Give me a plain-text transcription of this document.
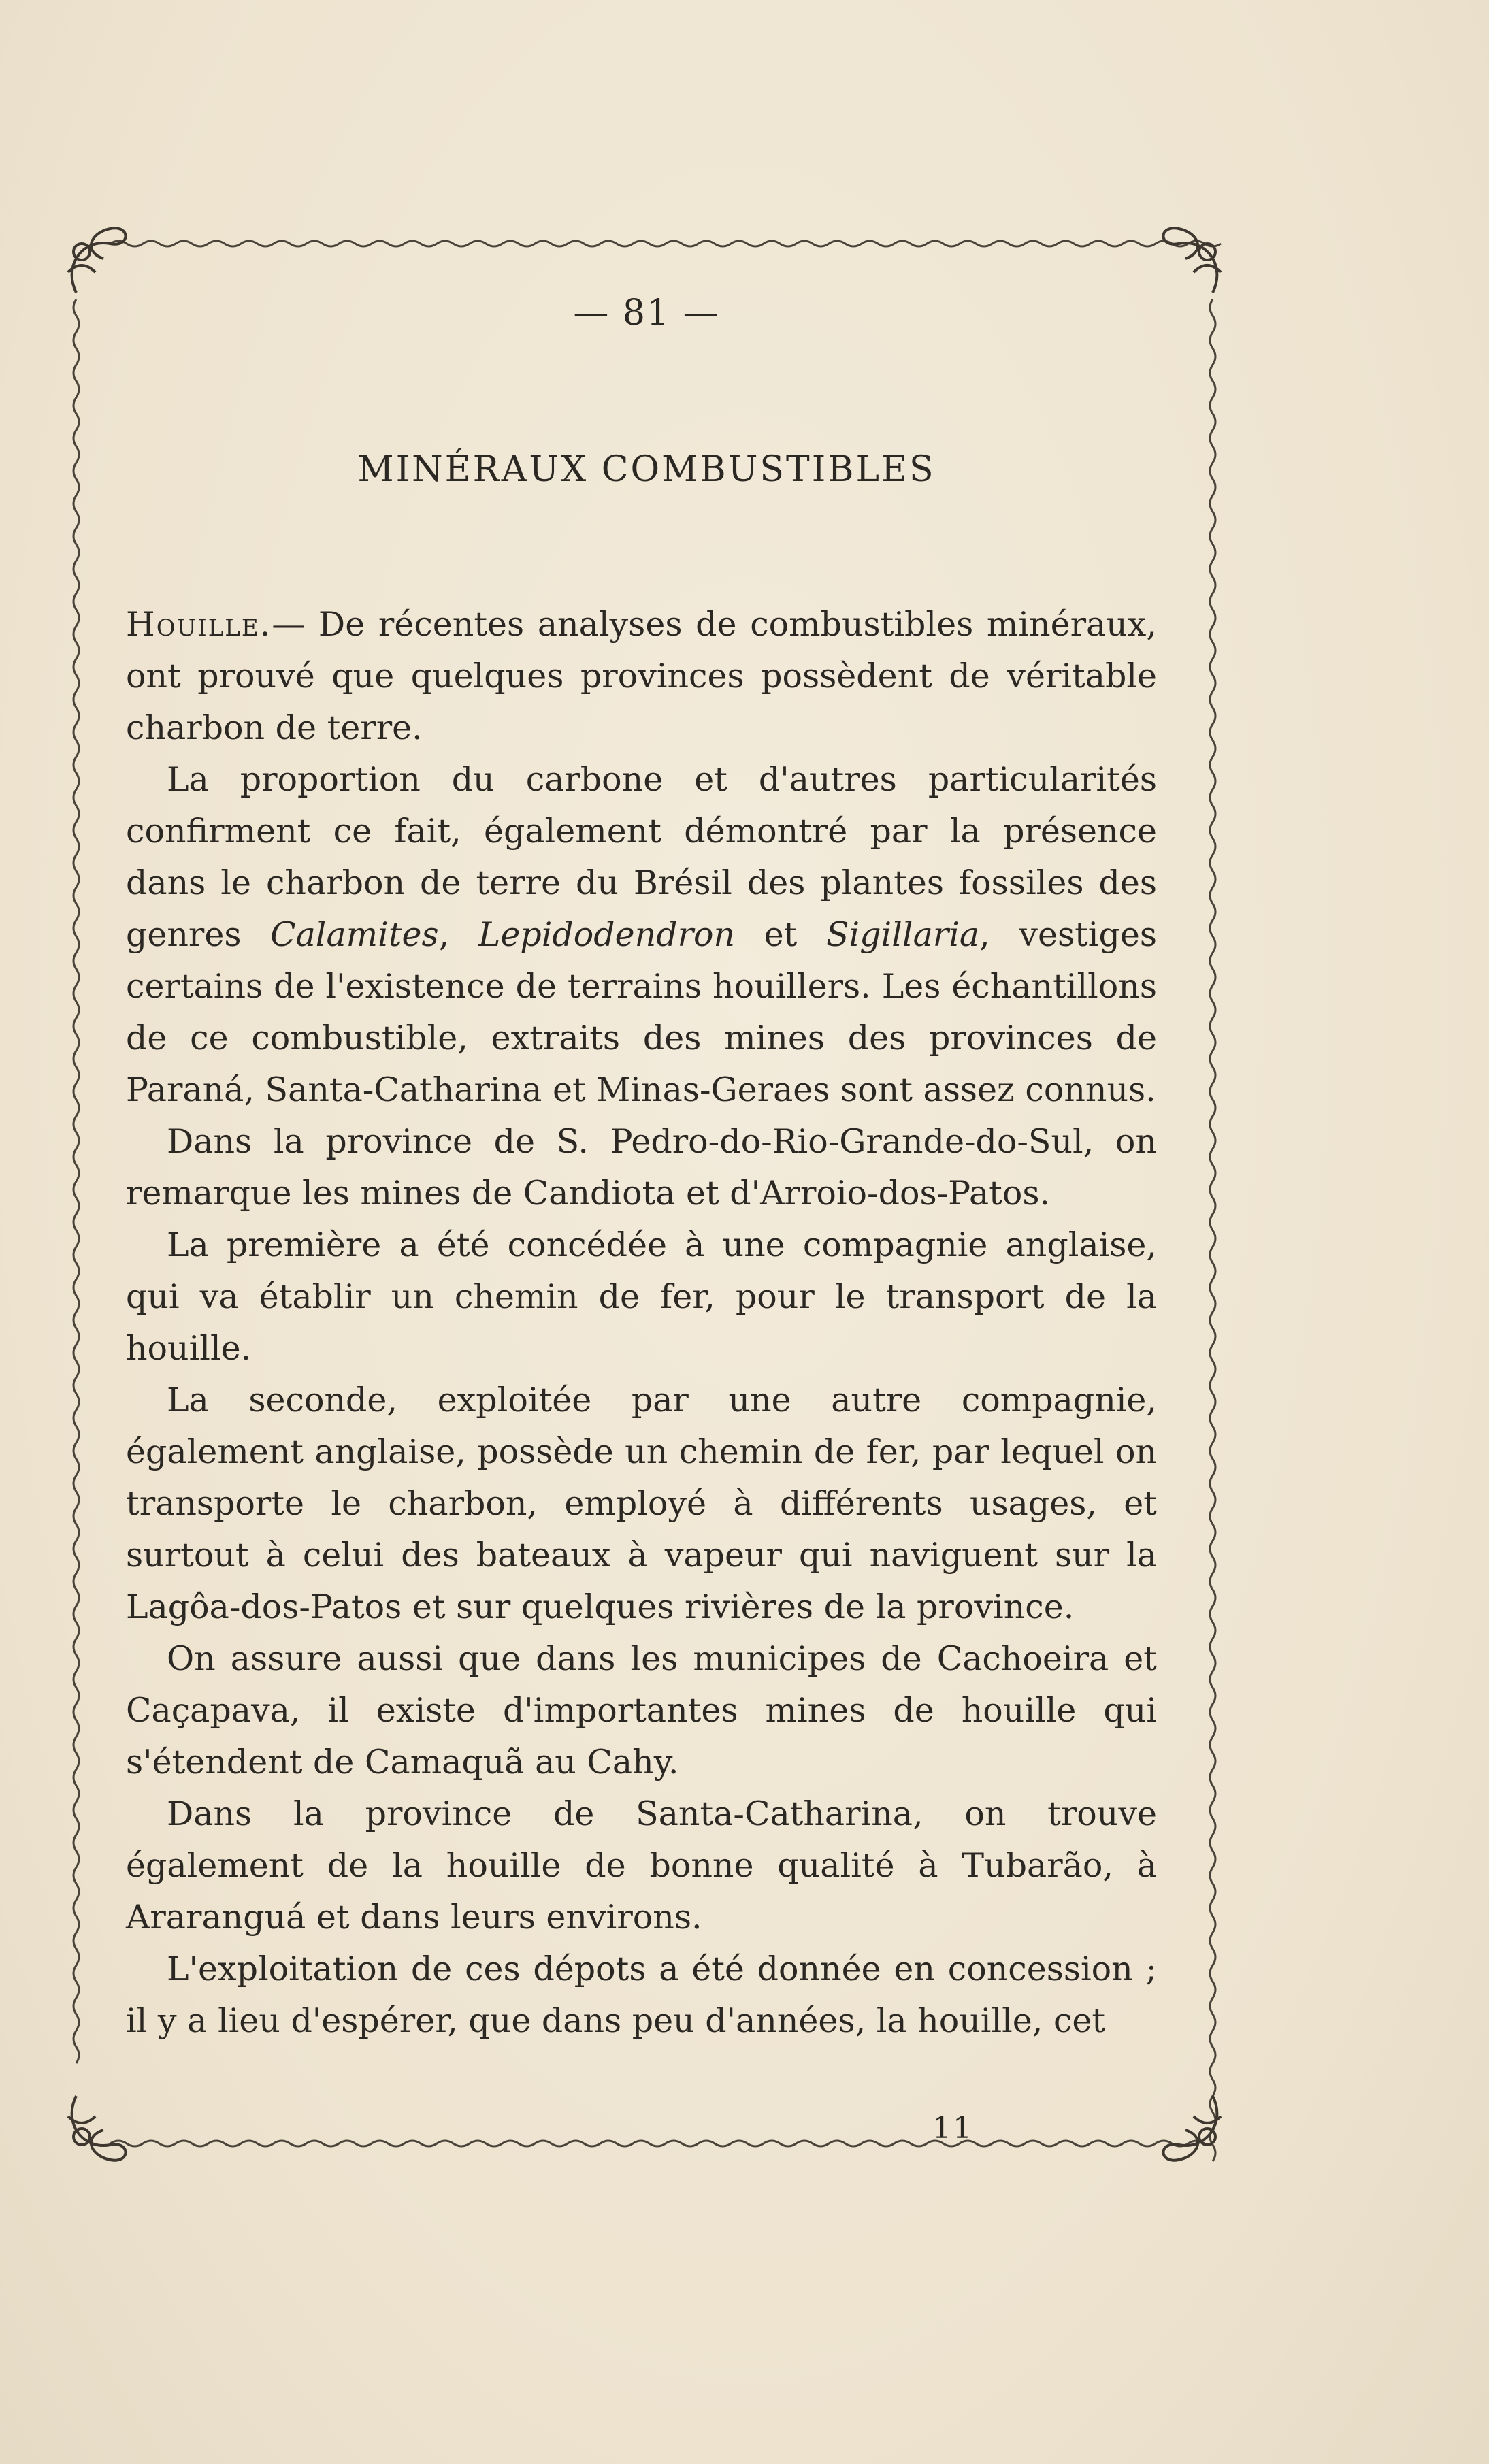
— 81 —
MINÉRAUX COMBUSTIBLES

Houille.— De récentes analyses de combustibles minéraux, ont prouvé que quelques provinces possèdent de véritable charbon de terre.

La proportion du carbone et d'autres particularités confirment ce fait, également démontré par la présence dans le charbon de terre du Brésil des plantes fossiles des genres Calamites, Lepidodendron et Sigillaria, vestiges certains de l'existence de terrains houillers. Les échantillons de ce combustible, extraits des mines des provinces de Paraná, Santa-Catharina et Minas-Geraes sont assez connus.

Dans la province de S. Pedro-do-Rio-Grande-do-Sul, on remarque les mines de Candiota et d'Arroio-dos-Patos.

La première a été concédée à une compagnie anglaise, qui va établir un chemin de fer, pour le transport de la houille.

La seconde, exploitée par une autre compagnie, également anglaise, possède un chemin de fer, par lequel on transporte le charbon, employé à différents usages, et surtout à celui des bateaux à vapeur qui naviguent sur la Lagôa-dos-Patos et sur quelques rivières de la province.

On assure aussi que dans les municipes de Cachoeira et Caçapava, il existe d'importantes mines de houille qui s'étendent de Camaquã au Cahy.

Dans la province de Santa-Catharina, on trouve également de la houille de bonne qualité à Tubarão, à Araranguá et dans leurs environs.

L'exploitation de ces dépots a été donnée en concession ; il y a lieu d'espérer, que dans peu d'années, la houille, cet

11
